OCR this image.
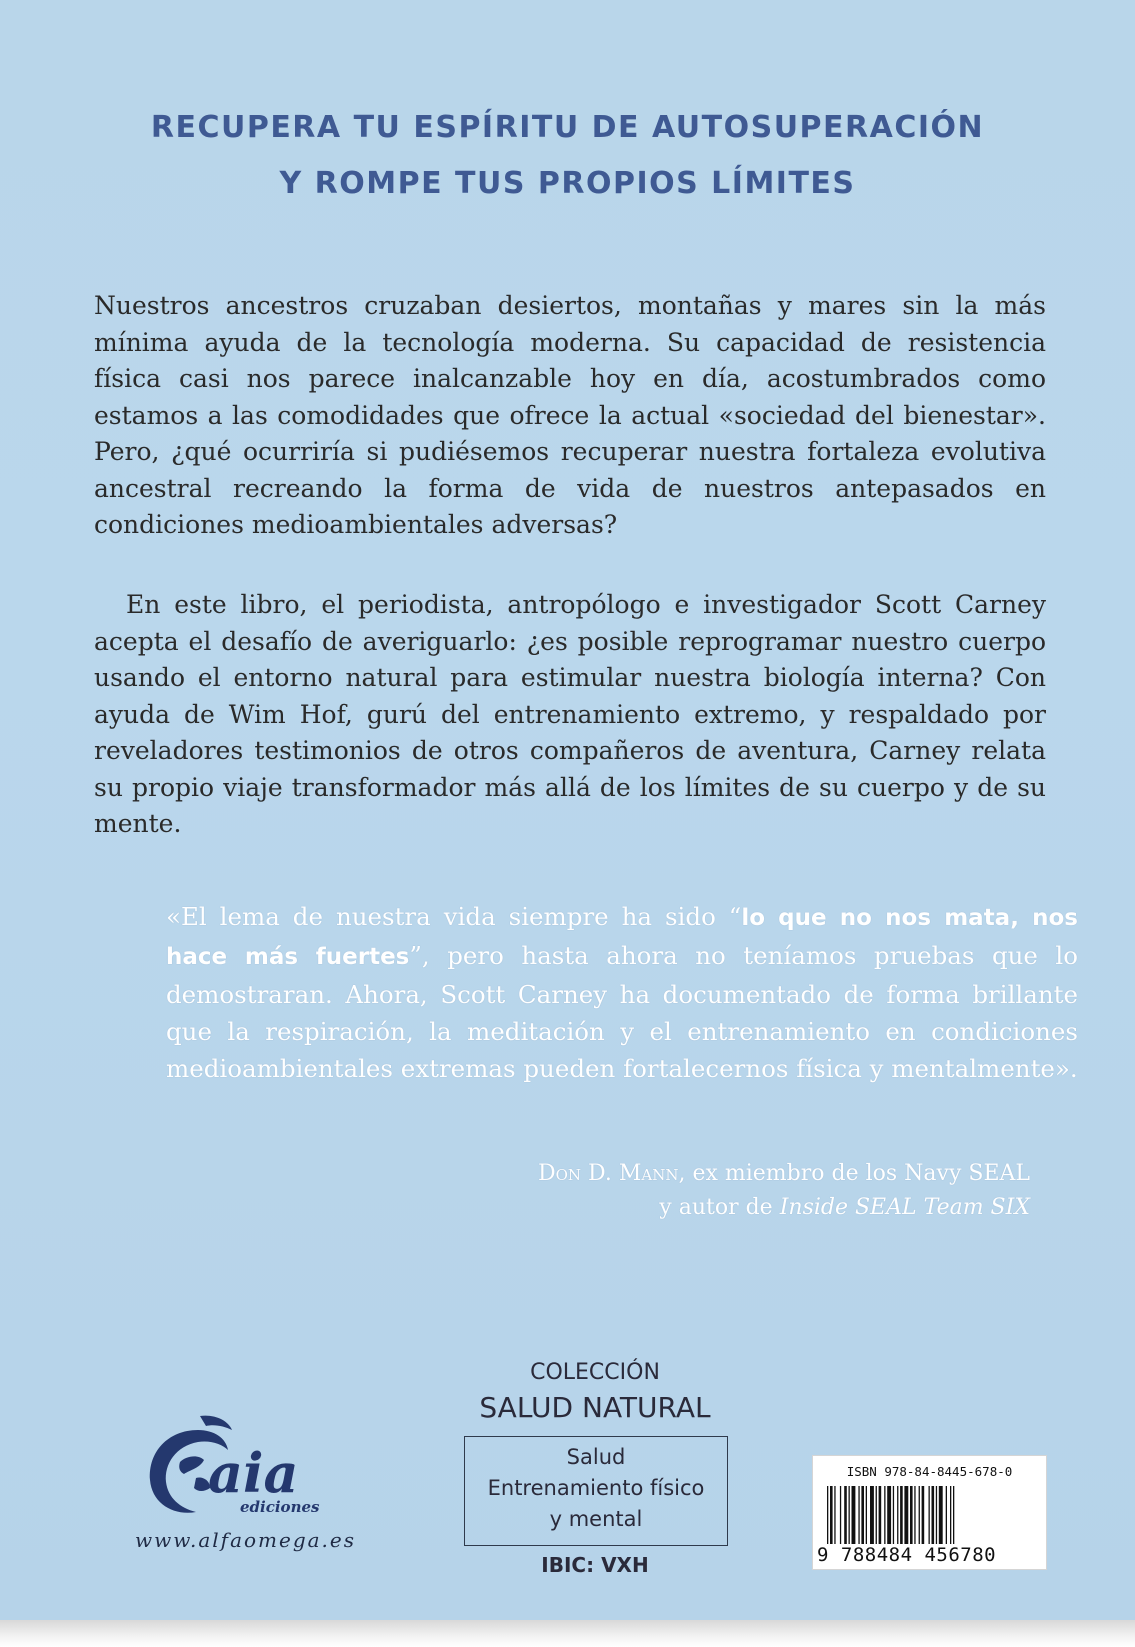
RECUPERA TU ESPÍRITU DE AUTOSUPERACIÓN
Y ROMPE TUS PROPIOS LÍMITES

Nuestros ancestros cruzaban desiertos, montañas y mares sin la más mínima ayuda de la tecnología moderna. Su capacidad de resistencia física casi nos parece inalcanzable hoy en día, acostumbrados como estamos a las comodidades que ofrece la actual «sociedad del bienestar». Pero, ¿qué ocurriría si pudiésemos recuperar nuestra fortaleza evolutiva ancestral recreando la forma de vida de nuestros antepasados en condiciones medioambientales adversas?

En este libro, el periodista, antropólogo e investigador Scott Carney acepta el desafío de averiguarlo: ¿es posible reprogramar nuestro cuerpo usando el entorno natural para estimular nuestra biología interna? Con ayuda de Wim Hof, gurú del entrenamiento extremo, y respaldado por reveladores testimonios de otros compañeros de aventura, Carney relata su propio viaje transformador más allá de los límites de su cuerpo y de su mente.

«El lema de nuestra vida siempre ha sido “lo que no nos mata, nos hace más fuertes”, pero hasta ahora no teníamos pruebas que lo demostraran. Ahora, Scott Carney ha documentado de forma brillante que la respiración, la meditación y el entrenamiento en condiciones medioambientales extremas pueden fortalecernos física y mentalmente».

Don D. Mann, ex miembro de los Navy SEAL
y autor de Inside SEAL Team SIX

COLECCIÓN
SALUD NATURAL
Salud
Entrenamiento físico
y mental
IBIC: VXH
aia
ediciones
www.alfaomega.es
ISBN 978-84-8445-678-0
9 788484 456780
